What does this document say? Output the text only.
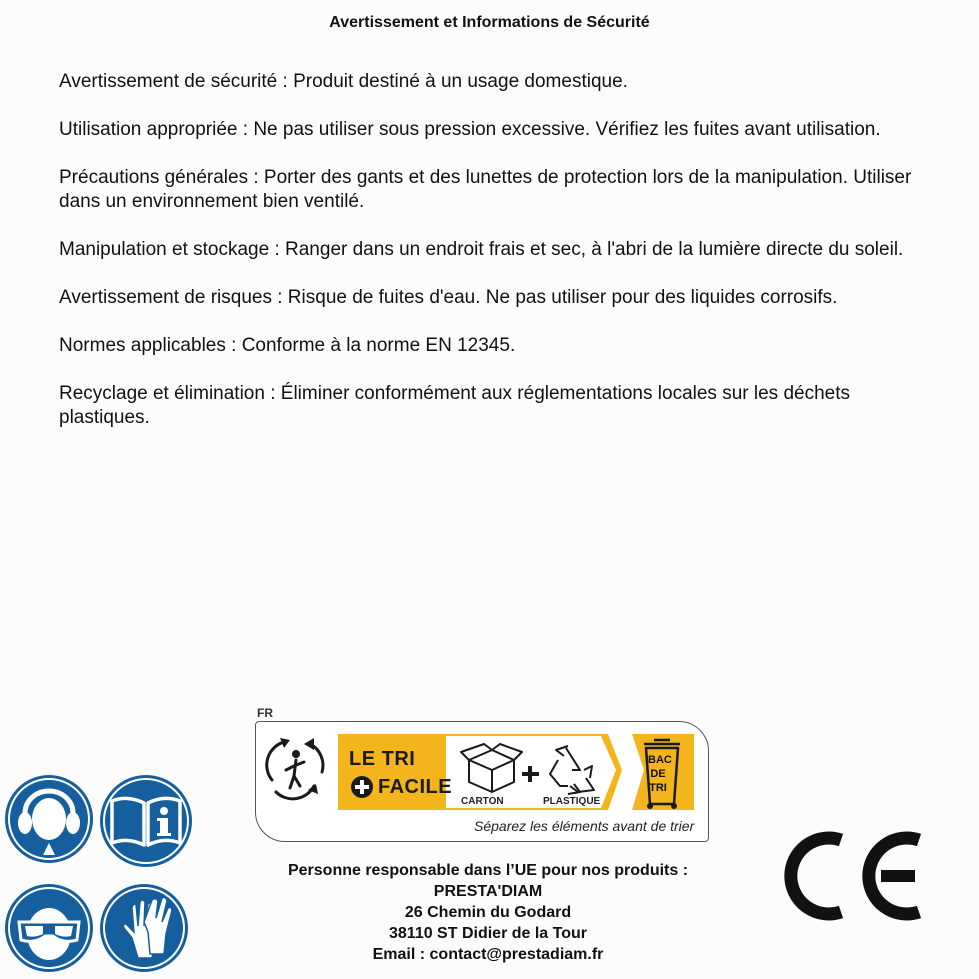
Avertissement et Informations de Sécurité

Avertissement de sécurité : Produit destiné à un usage domestique.

Utilisation appropriée : Ne pas utiliser sous pression excessive. Vérifiez les fuites avant utilisation.

Précautions générales : Porter des gants et des lunettes de protection lors de la manipulation. Utiliser dans un environnement bien ventilé.

Manipulation et stockage : Ranger dans un endroit frais et sec, à l'abri de la lumière directe du soleil.

Avertissement de risques : Risque de fuites d'eau. Ne pas utiliser pour des liquides corrosifs.

Normes applicables : Conforme à la norme EN 12345.

Recyclage et élimination : Éliminer conformément aux réglementations locales sur les déchets plastiques.

FR
LE TRI
FACILE
CARTON	PLASTIQUE
BAC
DE
TRI
Séparez les éléments avant de trier
Personne responsable dans l’UE pour nos produits :
PRESTA'DIAM
26 Chemin du Godard
38110 ST Didier de la Tour
Email : contact@prestadiam.fr
